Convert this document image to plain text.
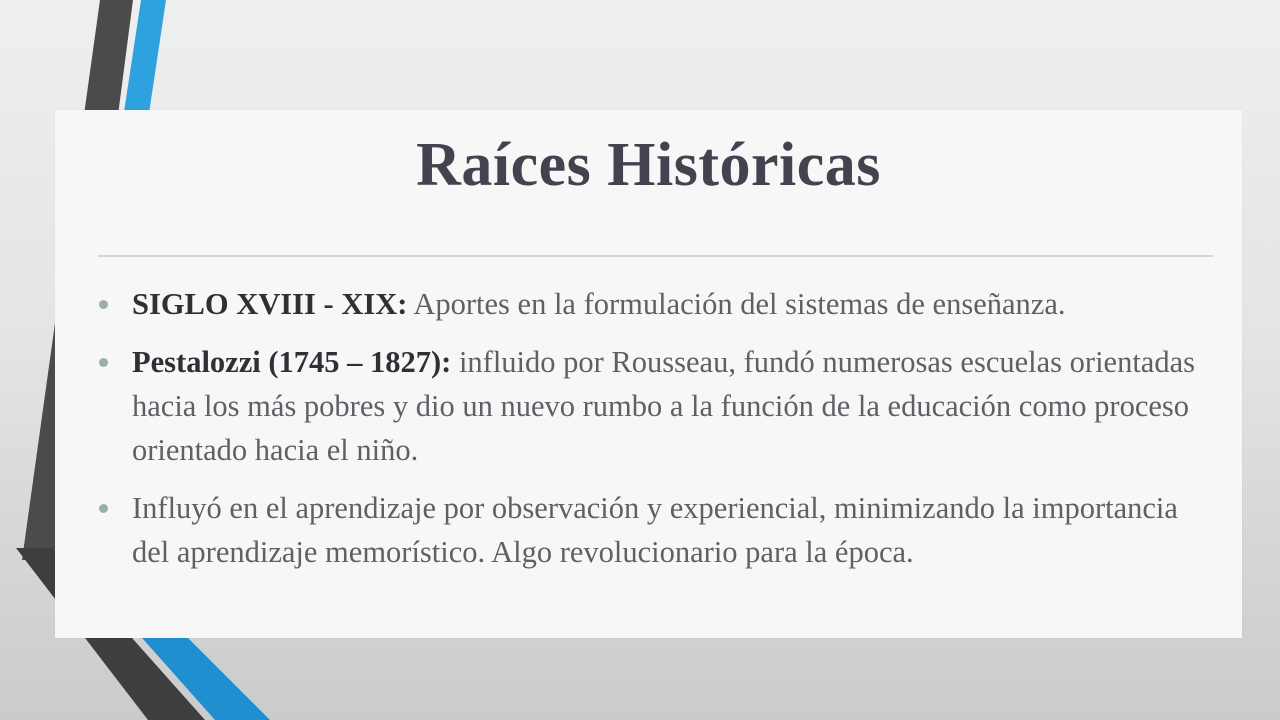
Raíces Históricas
SIGLO XVIII - XIX: Aportes en la formulación del sistemas de enseñanza.
Pestalozzi (1745 – 1827): influido por Rousseau, fundó numerosas escuelas orientadas hacia los más pobres y dio un nuevo rumbo a la función de la educación como proceso orientado hacia el niño.
Influyó en el aprendizaje por observación y experiencial, minimizando la importancia del aprendizaje memorístico. Algo revolucionario para la época.
